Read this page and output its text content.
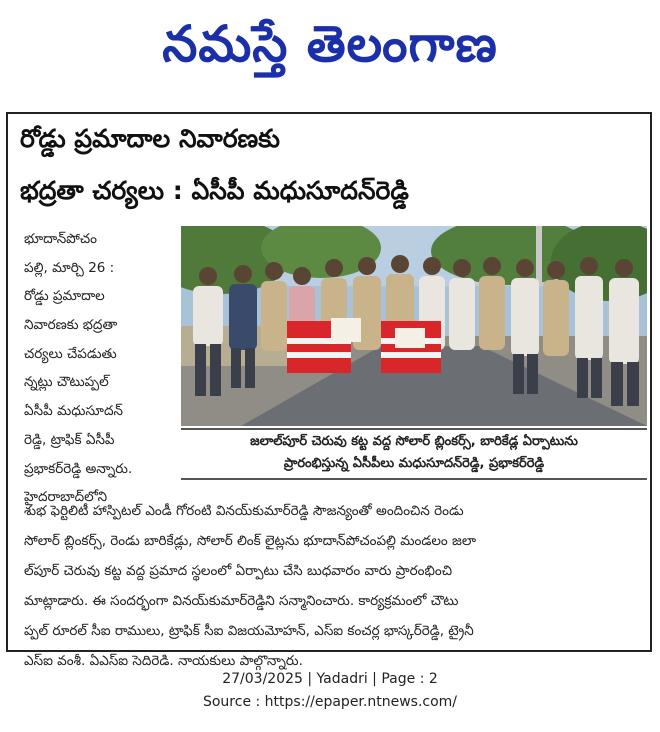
నమస్తే తెలంగాణ
రోడ్డు ప్రమాదాల నివారణకు
భద్రతా చర్యలు : ఏసీపీ మధుసూదన్‌రెడ్డి
భూదాన్‌పోచం
పల్లి, మార్చి 26 :
రోడ్డు ప్రమాదాల
నివారణకు భద్రతా
చర్యలు చేపడుతు
న్నట్లు చౌటుప్పల్
ఏసీపీ మధుసూదన్
రెడ్డి, ట్రాఫిక్ ఏసీపీ
ప్రభాకర్‌రెడ్డి అన్నారు.
హైదరాబాద్‌లోని
జలాల్‌పూర్ చెరువు కట్ట వద్ద సోలార్ బ్లింకర్స్, బారికేడ్ల ఏర్పాటును
ప్రారంభిస్తున్న ఏసీపీలు మధుసూదన్‌రెడ్డి, ప్రభాకర్‌రెడ్డి
శుభ ఫెర్టిలిటీ హాస్పిటల్ ఎండీ గోరంటి వినయ్‌కుమార్‌రెడ్డి సౌజన్యంతో అందించిన రెండు
సోలార్ బ్లింకర్స్, రెండు బారికేడ్లు, సోలార్ లింక్ లైట్లను భూదాన్‌పోచంపల్లి మండలం జలా
ల్‌పూర్ చెరువు కట్ట వద్ద ప్రమాద స్థలంలో ఏర్పాటు చేసి బుధవారం వారు ప్రారంభించి
మాట్లాడారు. ఈ సందర్భంగా వినయ్‌కుమార్‌రెడ్డిని సన్మానించారు. కార్యక్రమంలో చౌటు
ప్పల్ రూరల్ సీఐ రాములు, ట్రాఫిక్ సీఐ విజయమోహన్, ఎస్‌ఐ కంచర్ల భాస్కర్‌రెడ్డి, ట్రైనీ
ఎస్‌ఐ వంశీ. ఏఎస్‌ఐ సెదిరెడి. నాయకులు పాల్గొన్నారు.
27/03/2025 | Yadadri | Page : 2
Source : https://epaper.ntnews.com/
